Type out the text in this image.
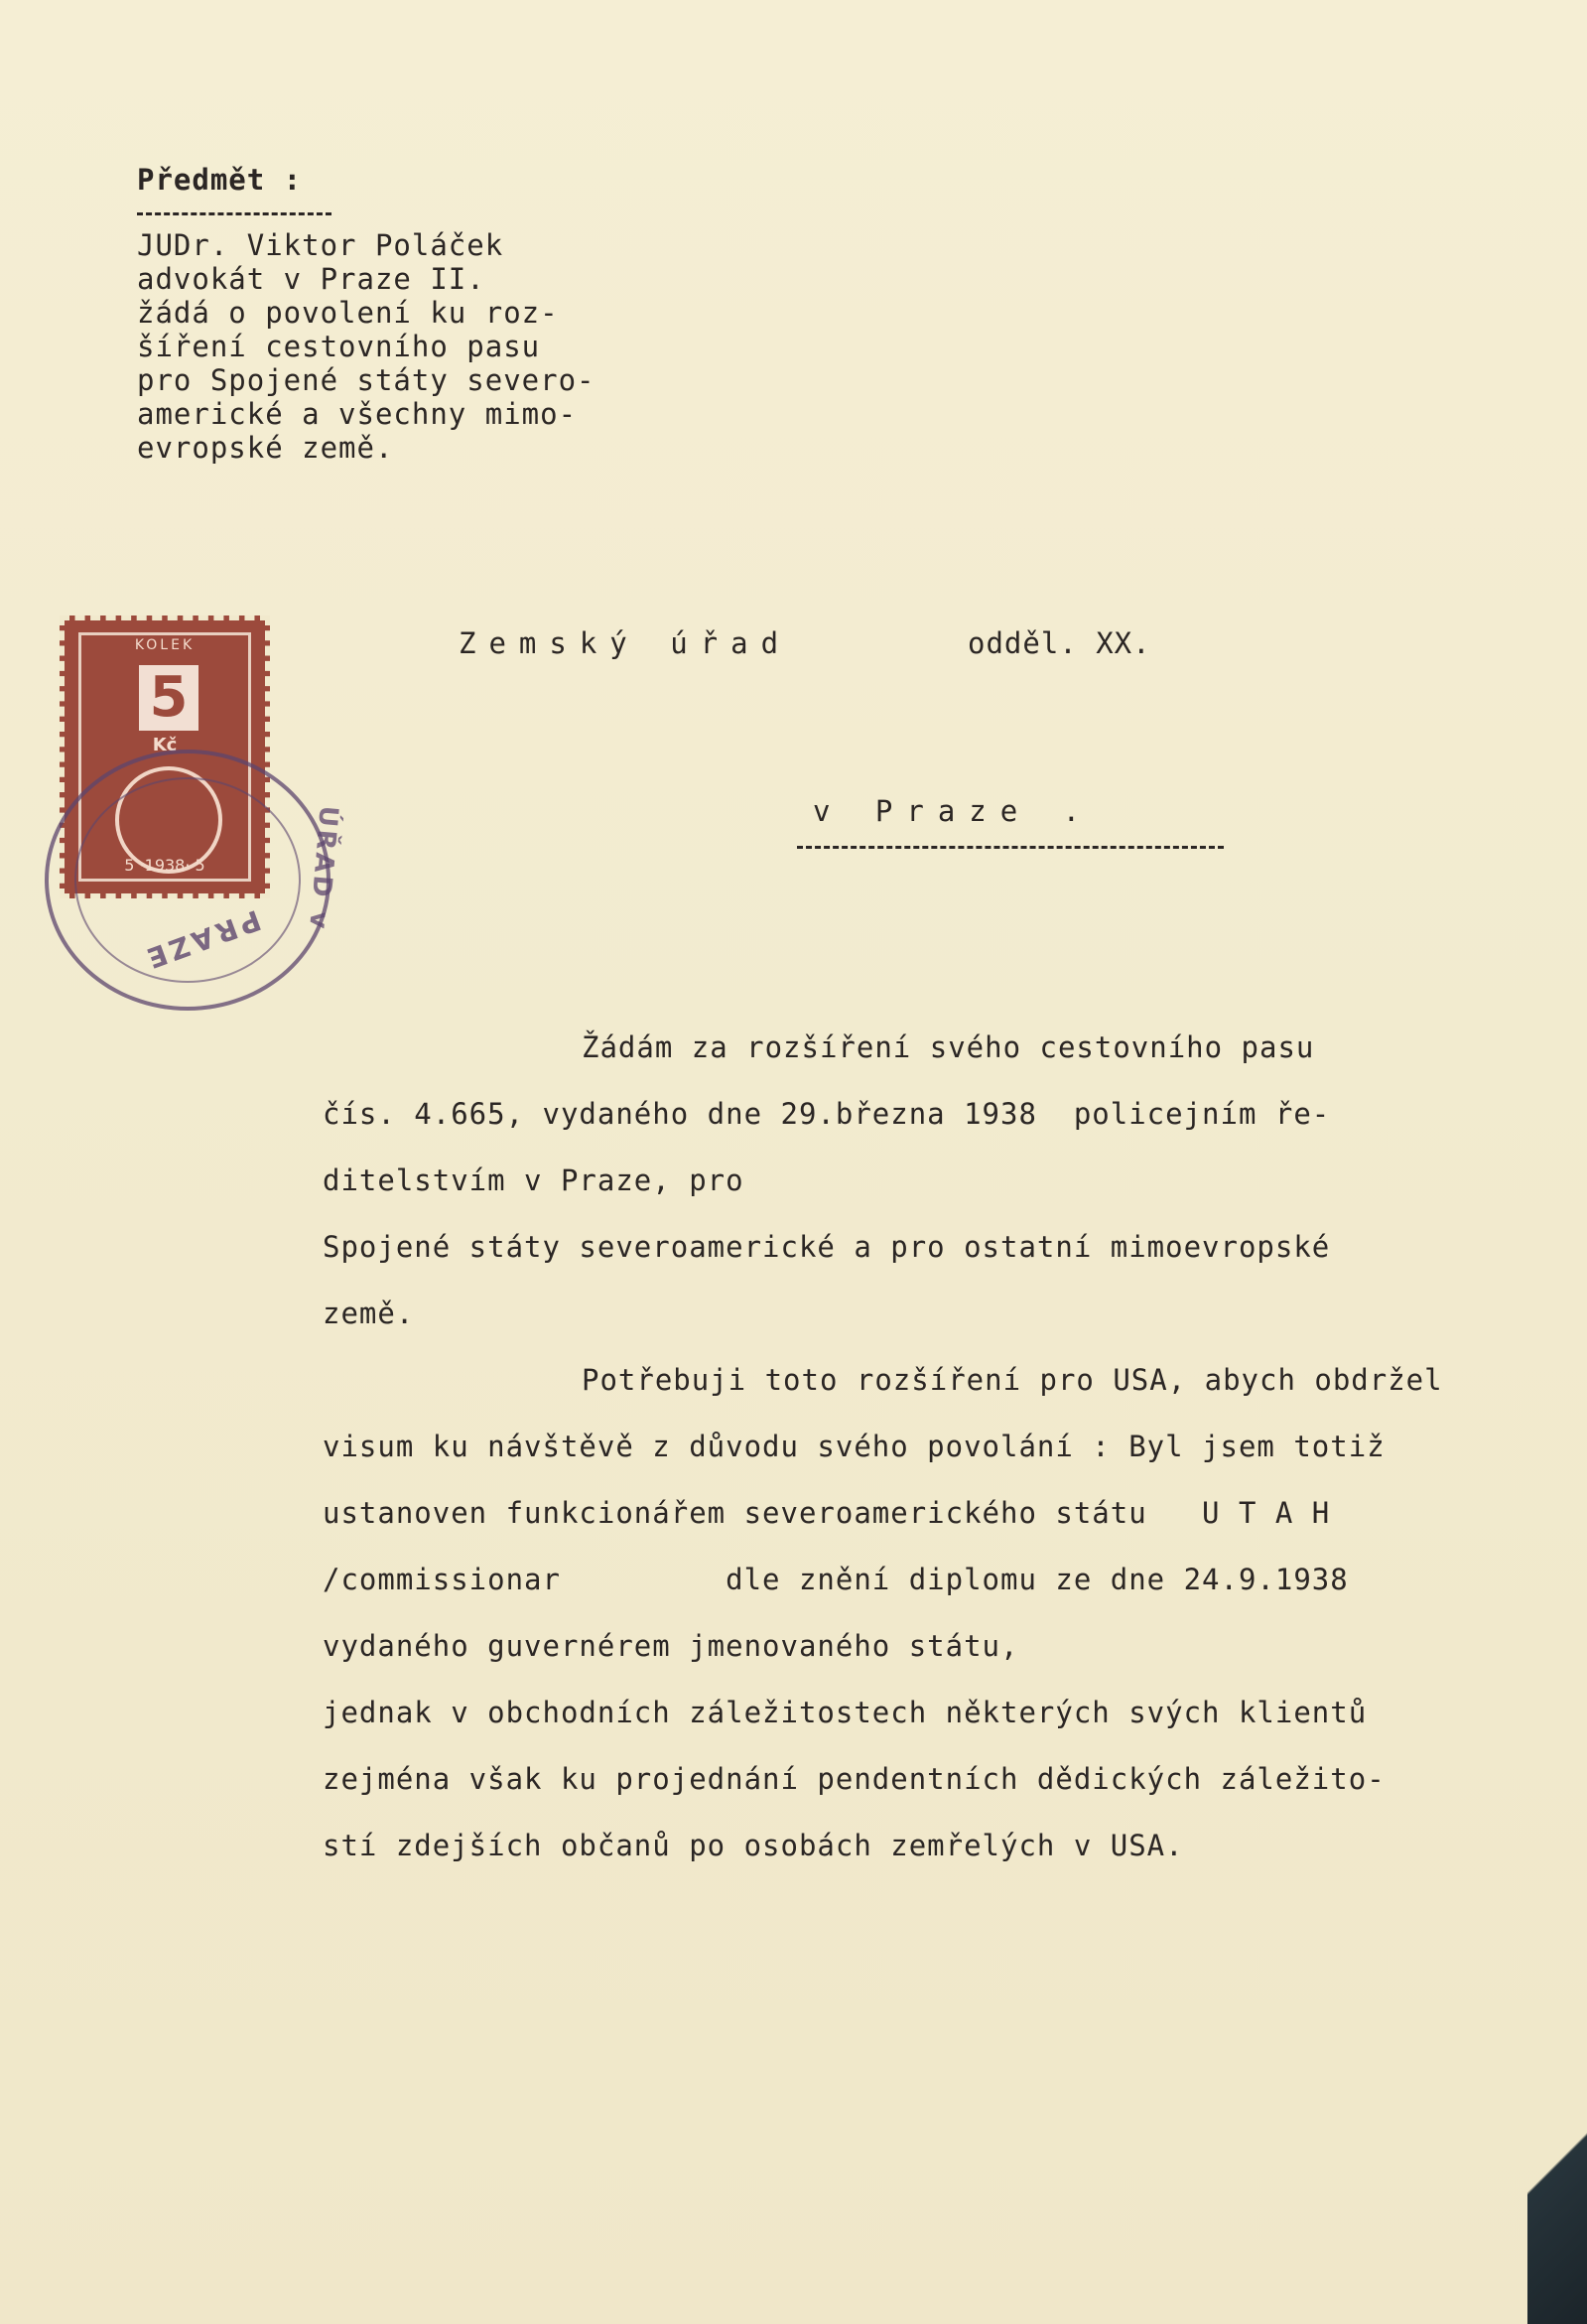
Předmět :
JUDr. Viktor Poláček
advokát v Praze II.
žádá o povolení ku roz-
šíření cestovního pasu
pro Spojené státy severo-
americké a všechny mimo-
evropské země.
KOLEK
5
Kč
5 ·1938· 5
PRAZE
ÚŘAD v
Zemský úřad	odděl. XX.
v Praze .
Žádám za rozšíření svého cestovního pasu
čís. 4.665, vydaného dne 29.března 1938  policejním ře-
ditelstvím v Praze, pro
Spojené státy severoamerické a pro ostatní mimoevropské
země.
Potřebuji toto rozšíření pro USA, abych obdržel
visum ku návštěvě z důvodu svého povolání : Byl jsem totiž
ustanoven funkcionářem severoamerického státu   U T A H
/commissionar         dle znění diplomu ze dne 24.9.1938
vydaného guvernérem jmenovaného státu,
jednak v obchodních záležitostech některých svých klientů
zejména však ku projednání pendentních dědických záležito-
stí zdejších občanů po osobách zemřelých v USA.
